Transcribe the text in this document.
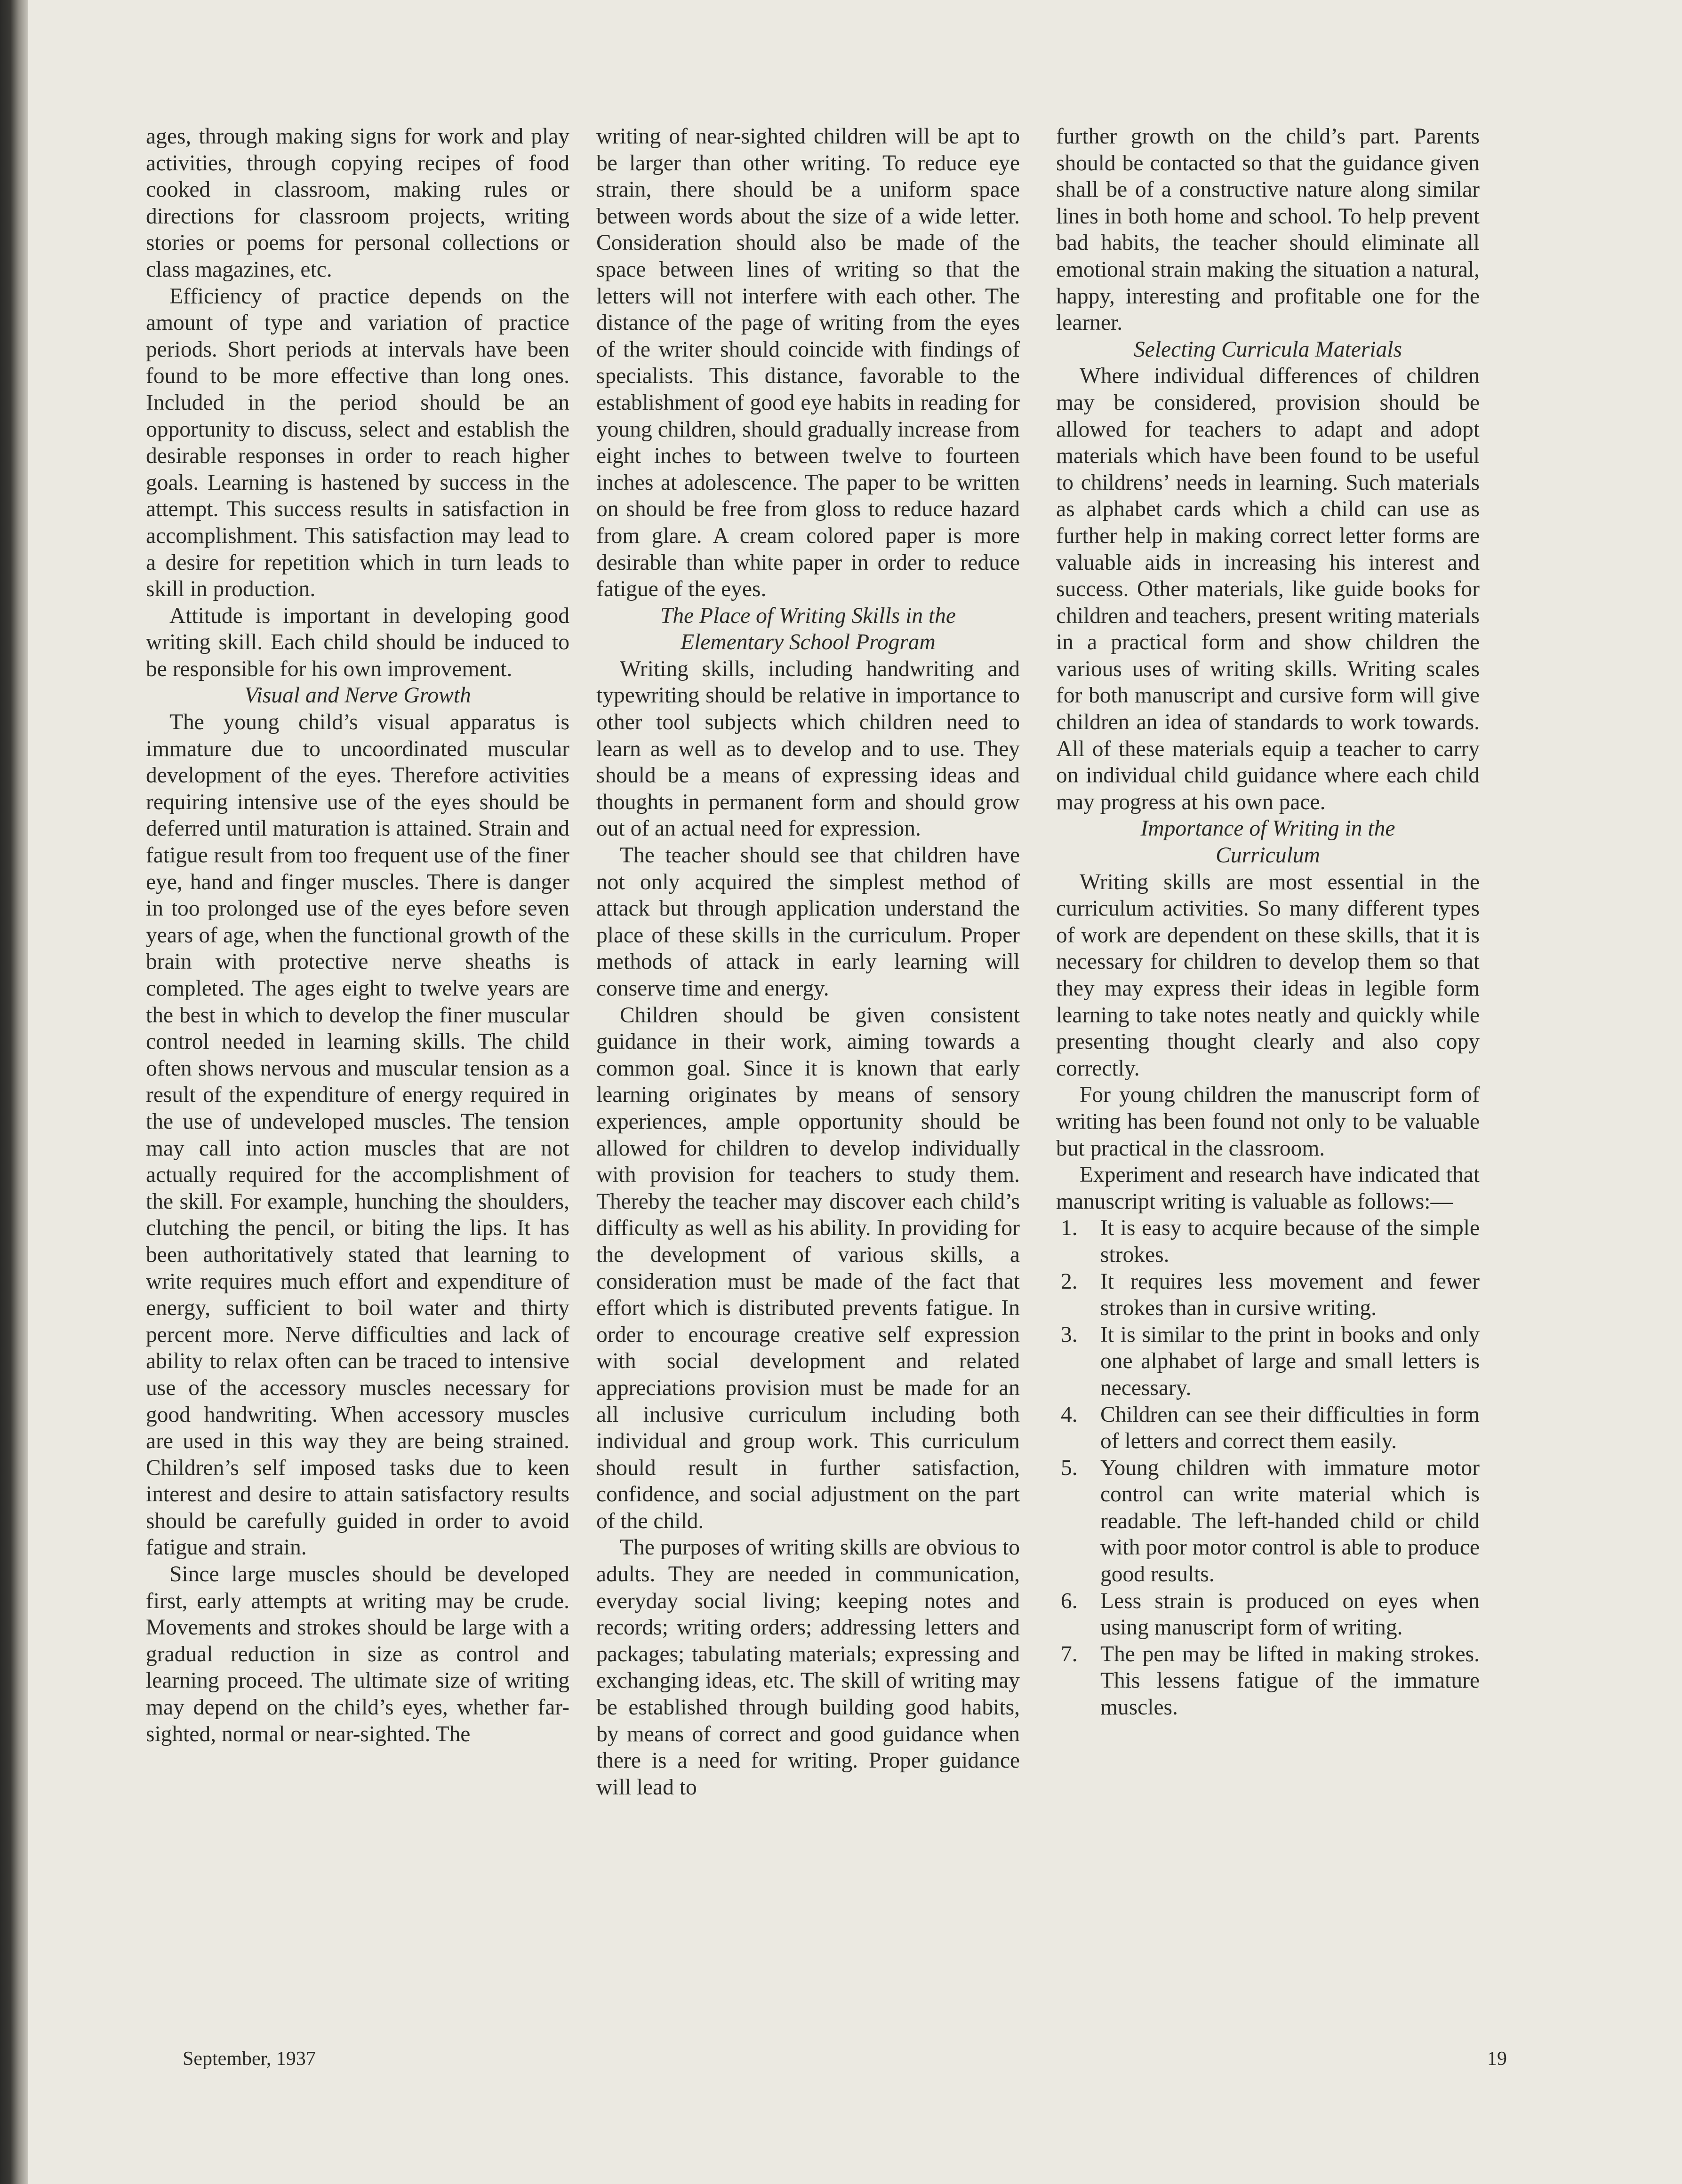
ages, through making signs for work and play activities, through copying recipes of food cooked in classroom, making rules or directions for classroom projects, writing stories or poems for personal collections or class magazines, etc.

Efficiency of practice depends on the amount of type and variation of practice periods. Short periods at intervals have been found to be more effective than long ones. Included in the period should be an opportunity to discuss, select and establish the desirable responses in order to reach higher goals. Learning is hastened by success in the attempt. This success results in satisfaction in accomplishment. This satisfaction may lead to a desire for repetition which in turn leads to skill in production.

Attitude is important in developing good writing skill. Each child should be induced to be responsible for his own improvement.

Visual and Nerve Growth

The young child’s visual apparatus is immature due to uncoordinated muscular development of the eyes. Therefore activities requiring intensive use of the eyes should be deferred until maturation is attained. Strain and fatigue result from too frequent use of the finer eye, hand and finger muscles. There is danger in too prolonged use of the eyes before seven years of age, when the functional growth of the brain with protective nerve sheaths is completed. The ages eight to twelve years are the best in which to develop the finer muscular control needed in learning skills. The child often shows nervous and muscular tension as a result of the expenditure of energy required in the use of undeveloped muscles. The tension may call into action muscles that are not actually required for the accomplishment of the skill. For example, hunching the shoulders, clutching the pencil, or biting the lips. It has been authoritatively stated that learning to write requires much effort and expenditure of energy, sufficient to boil water and thirty percent more. Nerve difficulties and lack of ability to relax often can be traced to intensive use of the accessory muscles necessary for good handwriting. When accessory muscles are used in this way they are being strained. Children’s self imposed tasks due to keen interest and desire to attain satisfactory results should be carefully guided in order to avoid fatigue and strain.

Since large muscles should be developed first, early attempts at writing may be crude. Movements and strokes should be large with a gradual reduction in size as control and learning proceed. The ultimate size of writing may depend on the child’s eyes, whether far-sighted, normal or near-sighted. The

writing of near-sighted children will be apt to be larger than other writing. To reduce eye strain, there should be a uniform space between words about the size of a wide letter. Consideration should also be made of the space between lines of writing so that the letters will not interfere with each other. The distance of the page of writing from the eyes of the writer should coincide with findings of specialists. This distance, favorable to the establishment of good eye habits in reading for young children, should gradually increase from eight inches to between twelve to fourteen inches at adolescence. The paper to be written on should be free from gloss to reduce hazard from glare. A cream colored paper is more desirable than white paper in order to reduce fatigue of the eyes.

The Place of Writing Skills in the
Elementary School Program

Writing skills, including handwriting and typewriting should be relative in importance to other tool subjects which children need to learn as well as to develop and to use. They should be a means of expressing ideas and thoughts in permanent form and should grow out of an actual need for expression.

The teacher should see that children have not only acquired the simplest method of attack but through application understand the place of these skills in the curriculum. Proper methods of attack in early learning will conserve time and energy.

Children should be given consistent guidance in their work, aiming towards a common goal. Since it is known that early learning originates by means of sensory experiences, ample opportunity should be allowed for children to develop individually with provision for teachers to study them. Thereby the teacher may discover each child’s difficulty as well as his ability. In providing for the development of various skills, a consideration must be made of the fact that effort which is distributed prevents fatigue. In order to encourage creative self expression with social development and related appreciations provision must be made for an all inclusive curriculum including both individual and group work. This curriculum should result in further satisfaction, confidence, and social adjustment on the part of the child.

The purposes of writing skills are obvious to adults. They are needed in communication, everyday social living; keeping notes and records; writing orders; addressing letters and packages; tabulating materials; expressing and exchanging ideas, etc. The skill of writing may be established through building good habits, by means of correct and good guidance when there is a need for writing. Proper guidance will lead to

further growth on the child’s part. Parents should be contacted so that the guidance given shall be of a constructive nature along similar lines in both home and school. To help prevent bad habits, the teacher should eliminate all emotional strain making the situation a natural, happy, interesting and profitable one for the learner.

Selecting Curricula Materials

Where individual differences of children may be considered, provision should be allowed for teachers to adapt and adopt materials which have been found to be useful to childrens’ needs in learning. Such materials as alphabet cards which a child can use as further help in making correct letter forms are valuable aids in increasing his interest and success. Other materials, like guide books for children and teachers, present writing materials in a practical form and show children the various uses of writing skills. Writing scales for both manuscript and cursive form will give children an idea of standards to work towards. All of these materials equip a teacher to carry on individual child guidance where each child may progress at his own pace.

Importance of Writing in the
Curriculum

Writing skills are most essential in the curriculum activities. So many different types of work are dependent on these skills, that it is necessary for children to develop them so that they may express their ideas in legible form learning to take notes neatly and quickly while presenting thought clearly and also copy correctly.

For young children the manuscript form of writing has been found not only to be valuable but practical in the classroom.

Experiment and research have indicated that manuscript writing is valuable as follows:—

1.	It is easy to acquire because of the simple strokes.
2.	It requires less movement and fewer strokes than in cursive writing.
3.	It is similar to the print in books and only one alphabet of large and small letters is necessary.
4.	Children can see their difficulties in form of letters and correct them easily.
5.	Young children with immature motor control can write material which is readable. The left-handed child or child with poor motor control is able to produce good results.
6.	Less strain is produced on eyes when using manuscript form of writing.
7.	The pen may be lifted in making strokes. This lessens fatigue of the immature muscles.
September, 1937	19
